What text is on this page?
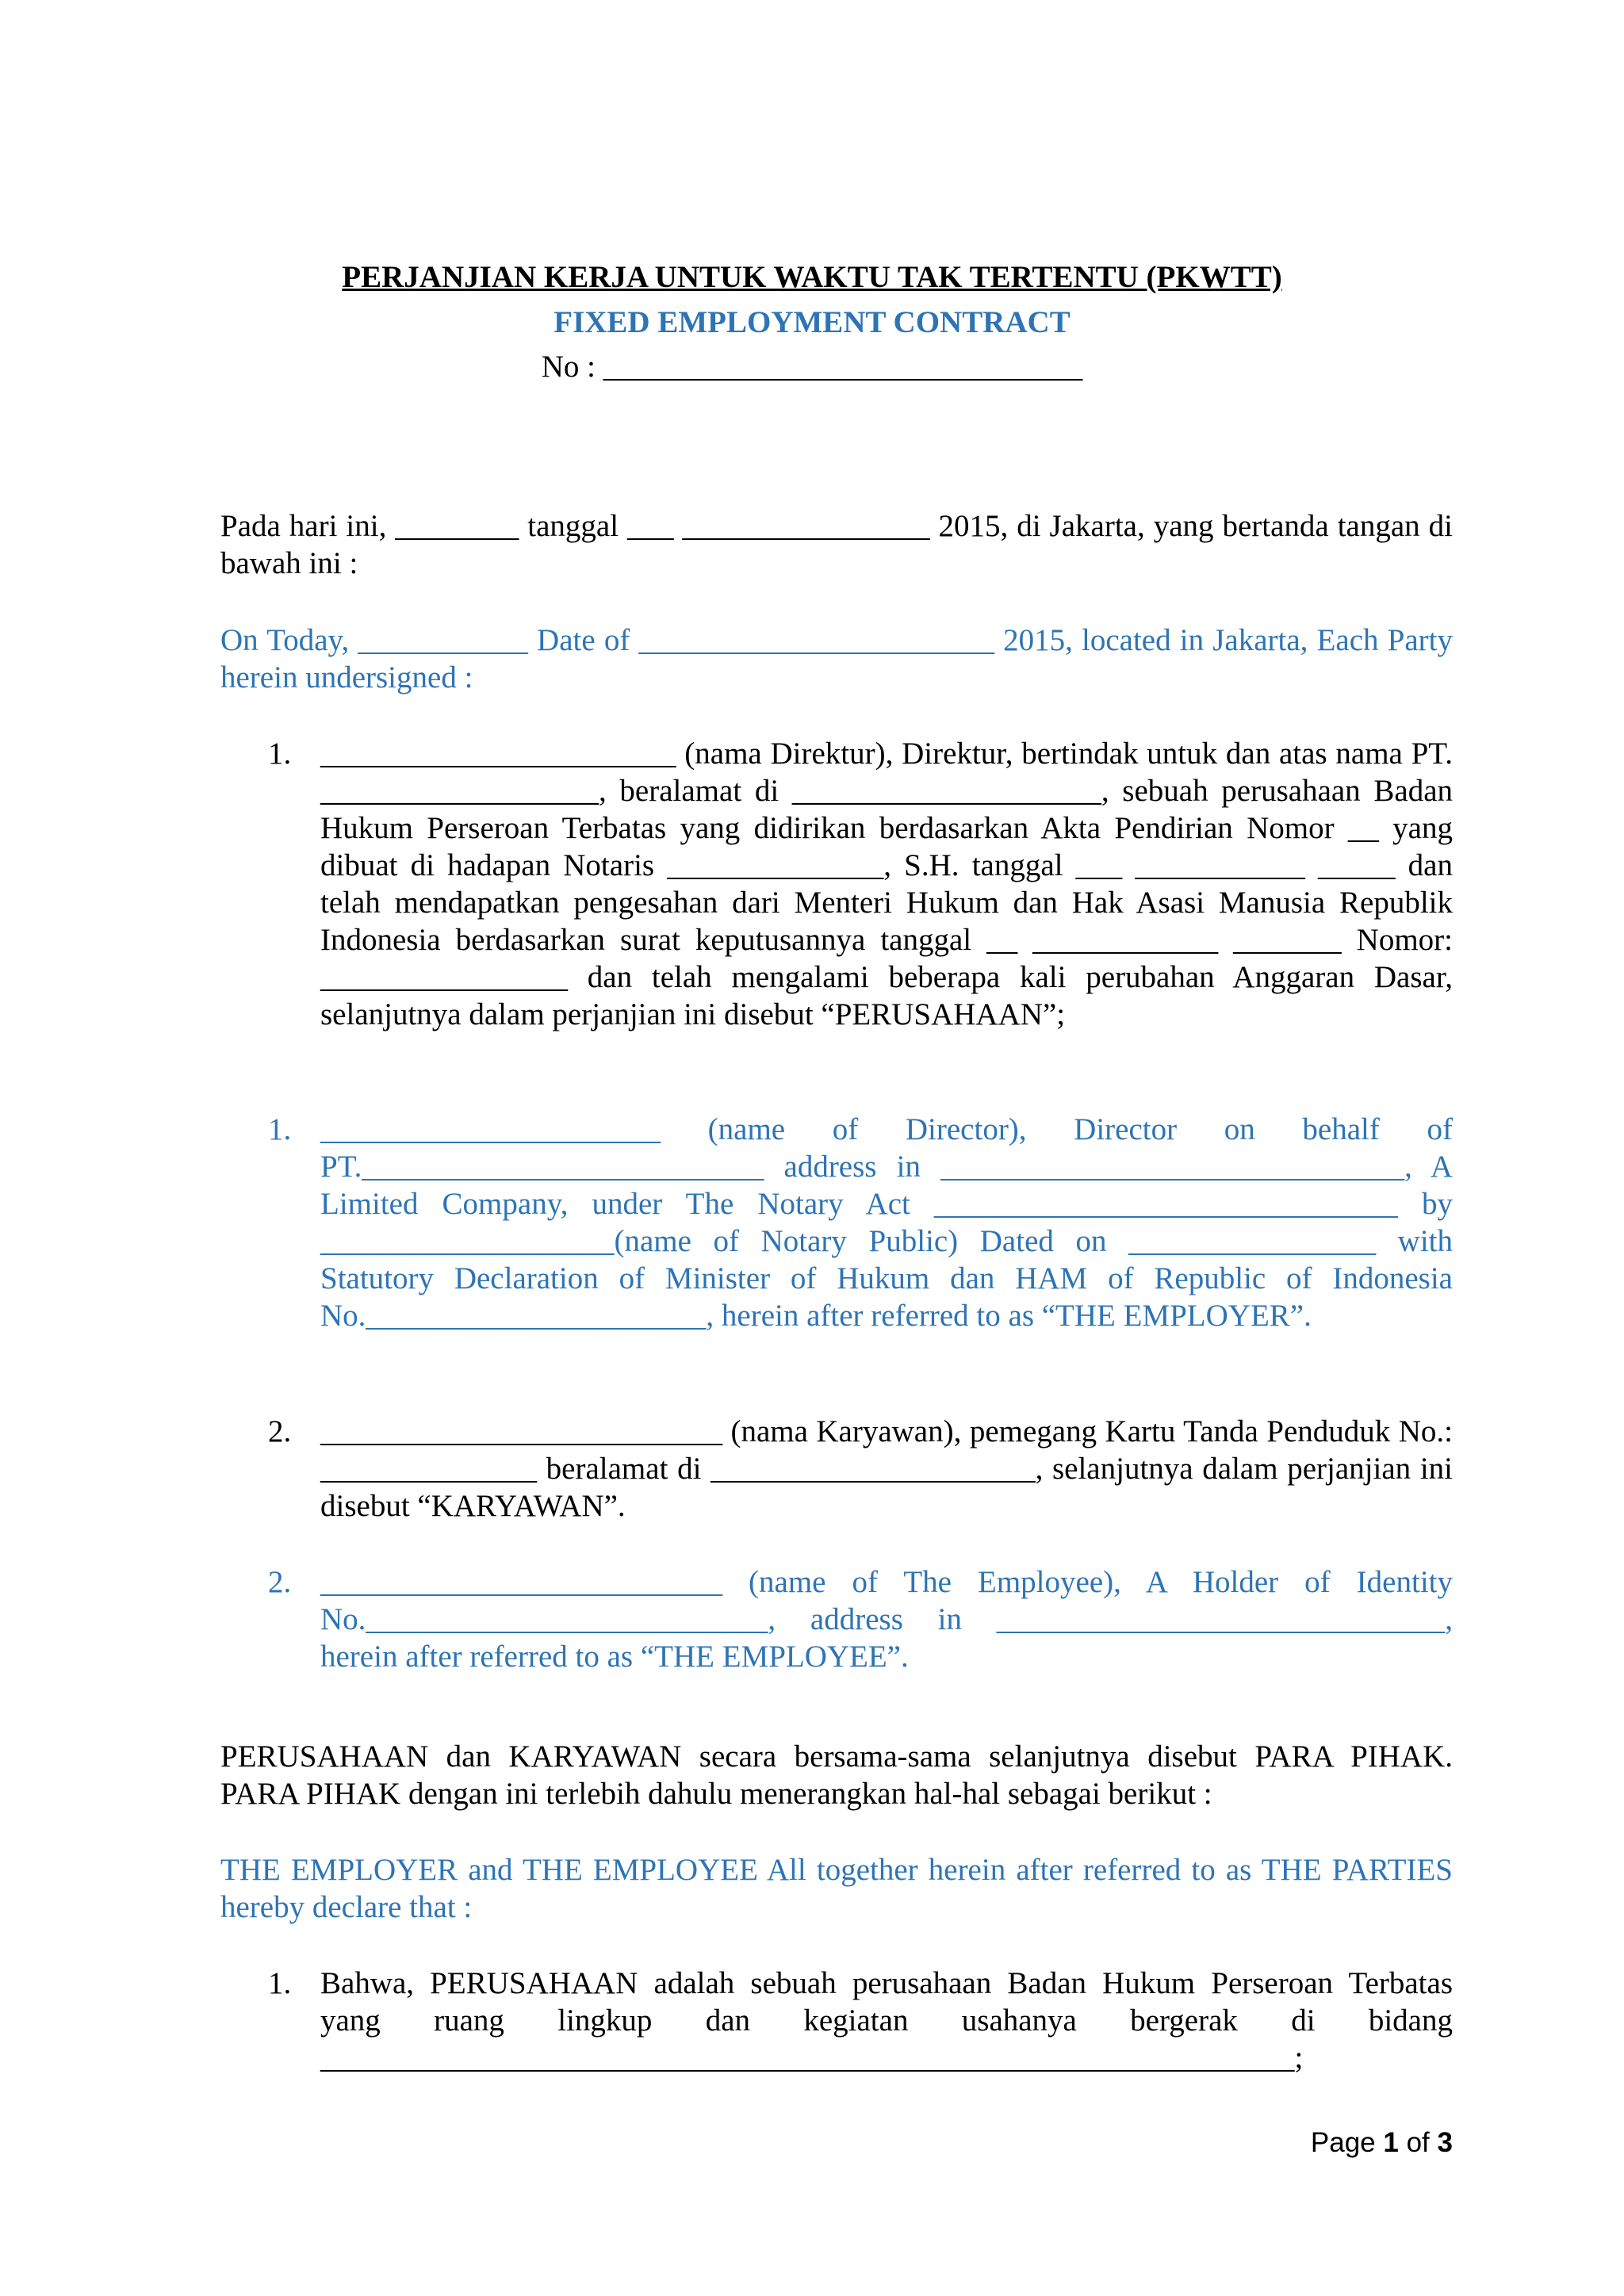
PERJANJIAN KERJA UNTUK WAKTU TAK TERTENTU (PKWTT)
FIXED EMPLOYMENT CONTRACT
No : _______________________________
Pada hari ini, ________ tanggal ___ ________________ 2015, di Jakarta, yang bertanda tangan di bawah ini :
On Today, ___________ Date of _______________________ 2015, located in Jakarta, Each Party herein undersigned :
1. _______________________ (nama Direktur), Direktur, bertindak untuk dan atas nama PT. __________________, beralamat di ____________________, sebuah perusahaan Badan Hukum Perseroan Terbatas yang didirikan berdasarkan Akta Pendirian Nomor __ yang dibuat di hadapan Notaris ______________, S.H. tanggal ___ ___________ _____ dan telah mendapatkan pengesahan dari Menteri Hukum dan Hak Asasi Manusia Republik Indonesia berdasarkan surat keputusannya tanggal __ ____________ _______ Nomor: ________________ dan telah mengalami beberapa kali perubahan Anggaran Dasar, selanjutnya dalam perjanjian ini disebut “PERUSAHAAN”;
1. ______________________ (name of Director), Director on behalf of PT.__________________________ address in ______________________________, A Limited Company, under The Notary Act ______________________________ by ___________________(name of Notary Public) Dated on ________________ with Statutory Declaration of Minister of Hukum dan HAM of Republic of Indonesia No.______________________, herein after referred to as “THE EMPLOYER”.
2. __________________________ (nama Karyawan), pemegang Kartu Tanda Penduduk No.: ______________ beralamat di _____________________, selanjutnya dalam perjanjian ini disebut “KARYAWAN”.
2. __________________________ (name of The Employee), A Holder of Identity No.__________________________, address in _____________________________, herein after referred to as “THE EMPLOYEE”.
PERUSAHAAN dan KARYAWAN secara bersama-sama selanjutnya disebut PARA PIHAK. PARA PIHAK dengan ini terlebih dahulu menerangkan hal-hal sebagai berikut :
THE EMPLOYER and THE EMPLOYEE All together herein after referred to as THE PARTIES hereby declare that :
1. Bahwa, PERUSAHAAN adalah sebuah perusahaan Badan Hukum Perseroan Terbatas yang ruang lingkup dan kegiatan usahanya bergerak di bidang _______________________________________________________________;
Page 1 of 3
